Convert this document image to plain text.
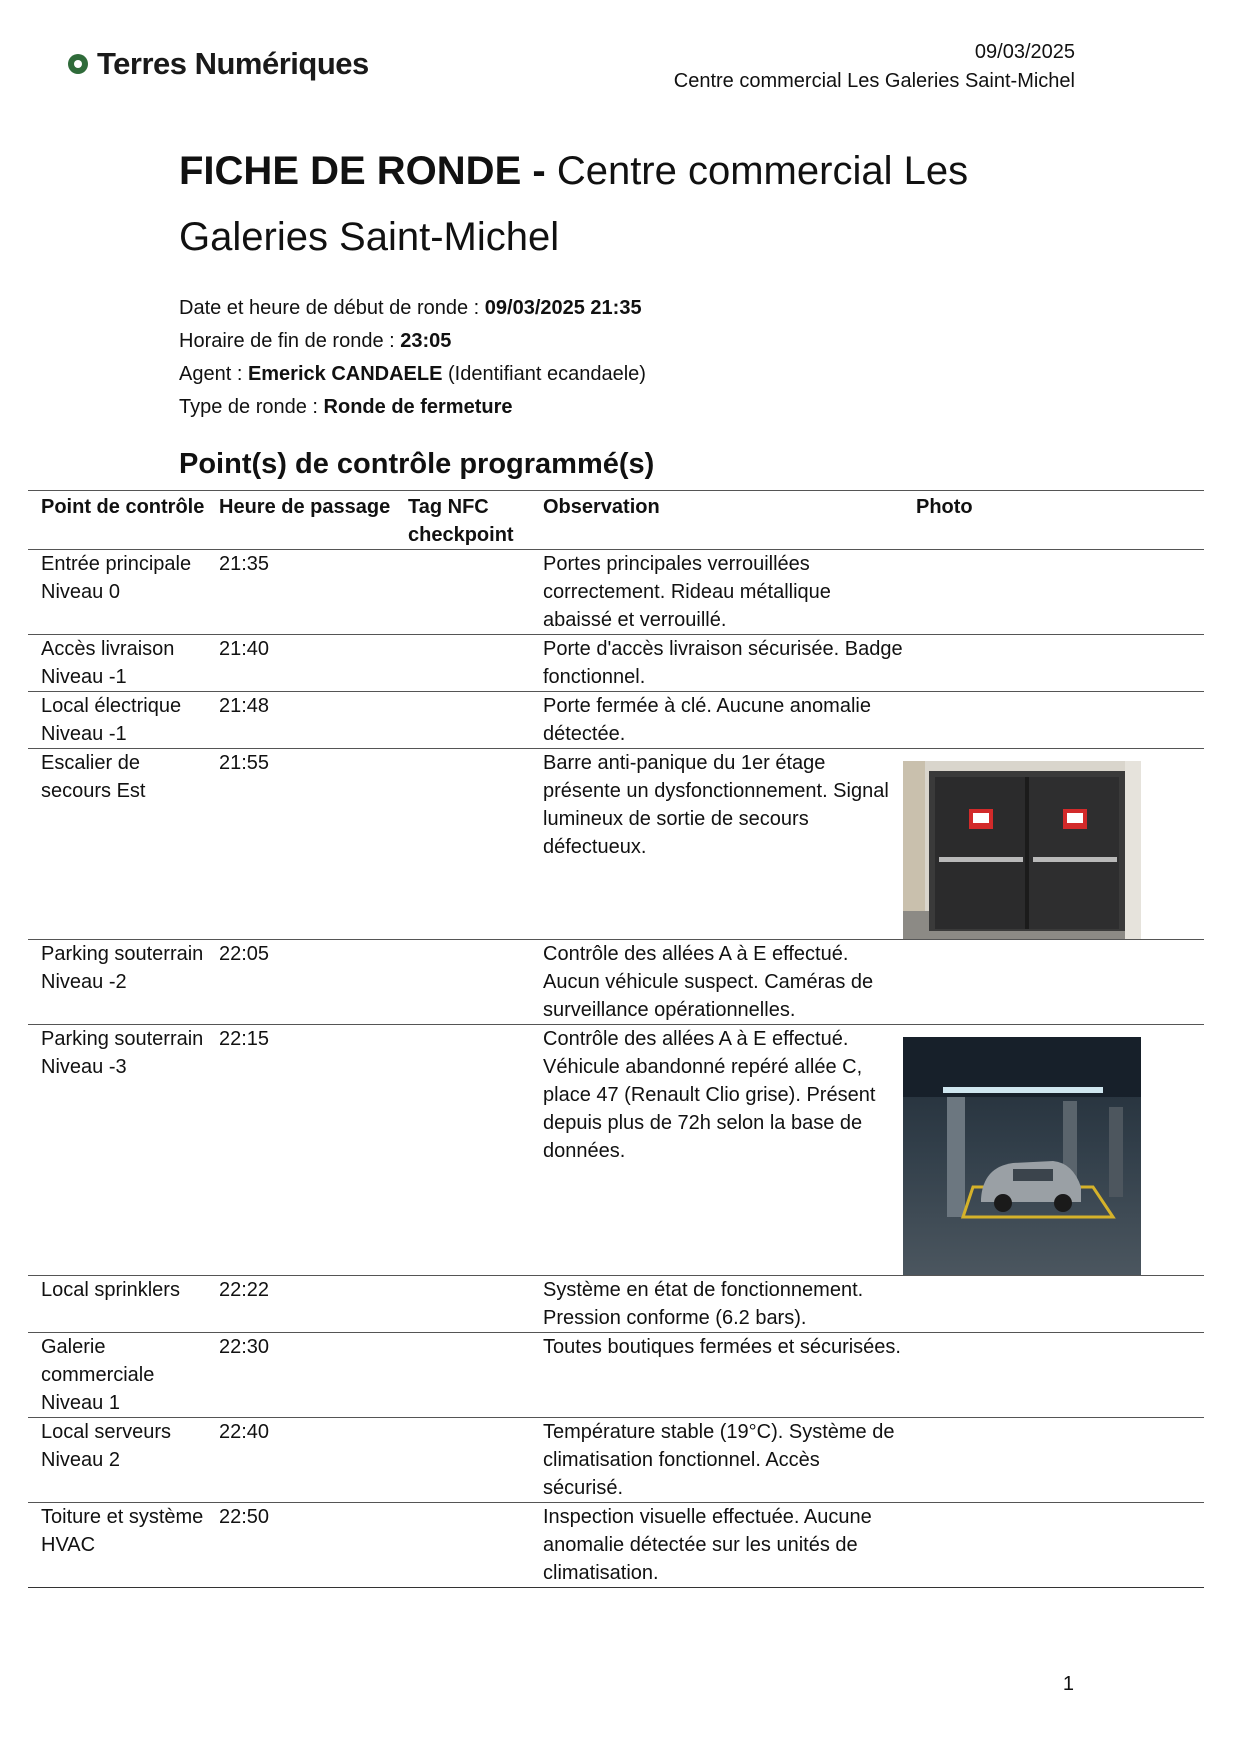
Terres Numériques	09/03/2025
Centre commercial Les Galeries Saint-Michel
FICHE DE RONDE - Centre commercial Les Galeries Saint-Michel
Date et heure de début de ronde : 09/03/2025 21:35
Horaire de fin de ronde : 23:05
Agent : Emerick CANDAELE (Identifiant ecandaele)
Type de ronde : Ronde de fermeture
Point(s) de contrôle programmé(s)
Point de contrôle	Heure de passage	Tag NFC checkpoint	Observation	Photo
Entrée principale Niveau 0	21:35		Portes principales verrouillées correctement. Rideau métallique abaissé et verrouillé.	
Accès livraison Niveau -1	21:40		Porte d'accès livraison sécurisée. Badge fonctionnel.	
Local électrique Niveau -1	21:48		Porte fermée à clé. Aucune anomalie détectée.	
Escalier de secours Est	21:55		Barre anti-panique du 1er étage présente un dysfonctionnement. Signal lumineux de sortie de secours défectueux.	

Parking souterrain Niveau -2	22:05		Contrôle des allées A à E effectué. Aucun véhicule suspect. Caméras de surveillance opérationnelles.	
Parking souterrain Niveau -3	22:15		Contrôle des allées A à E effectué. Véhicule abandonné repéré allée C, place 47 (Renault Clio grise). Présent depuis plus de 72h selon la base de données.	

Local sprinklers	22:22		Système en état de fonctionnement. Pression conforme (6.2 bars).	
Galerie commerciale Niveau 1	22:30		Toutes boutiques fermées et sécurisées.	
Local serveurs Niveau 2	22:40		Température stable (19°C). Système de climatisation fonctionnel. Accès sécurisé.	
Toiture et système HVAC	22:50		Inspection visuelle effectuée. Aucune anomalie détectée sur les unités de climatisation.	
1
